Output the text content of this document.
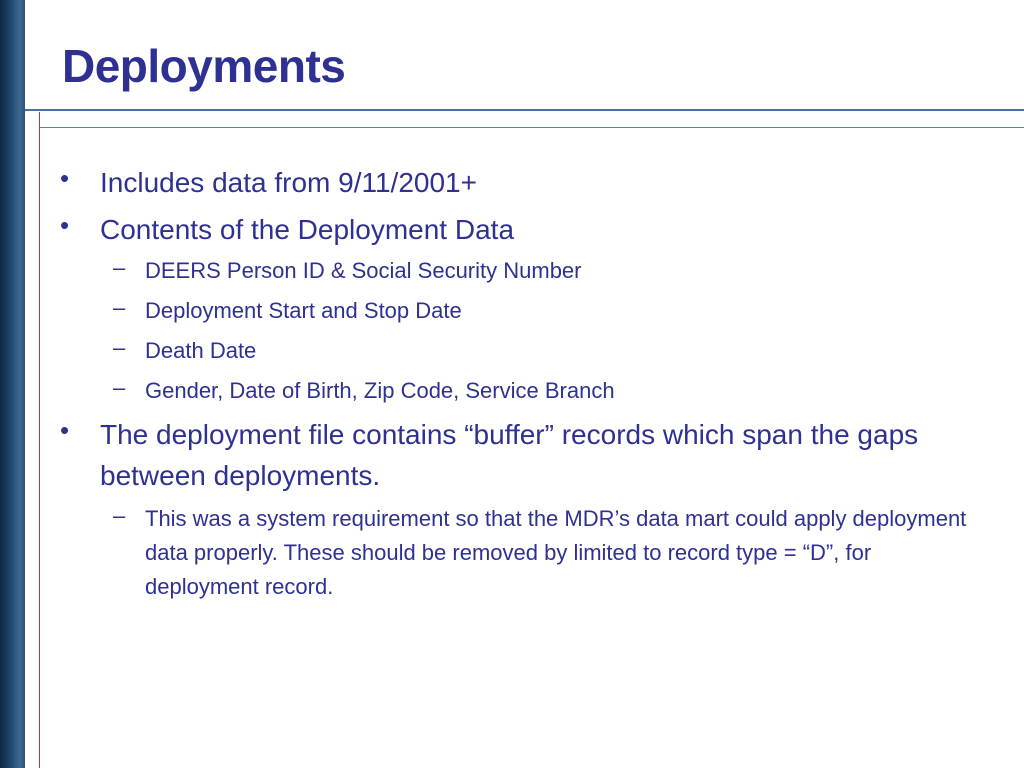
Deployments
• Includes data from 9/11/2001+
• Contents of the Deployment Data
– DEERS Person ID & Social Security Number
– Deployment Start and Stop Date
– Death Date
– Gender, Date of Birth, Zip Code, Service Branch
• The deployment file contains “buffer” records which span the gaps between deployments.
– This was a system requirement so that the MDR’s data mart could apply deployment data properly. These should be removed by limited to record type = “D”, for deployment record.
